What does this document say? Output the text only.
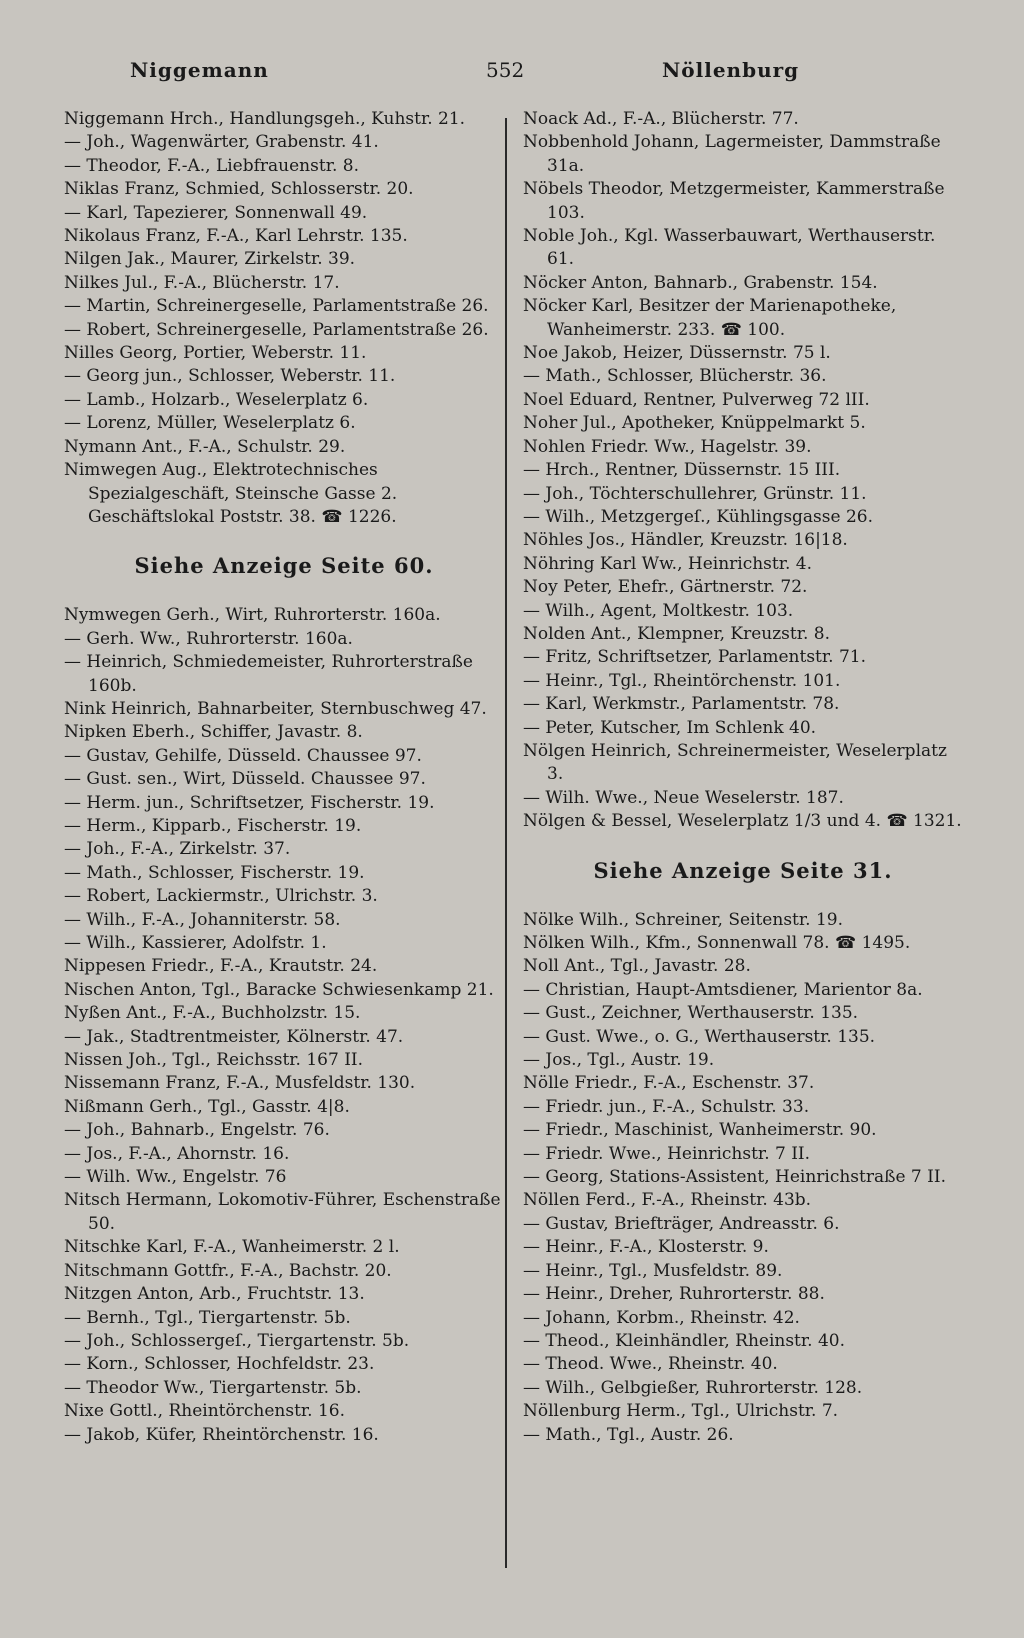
Niggemann	552	Nöllenburg

Niggemann Hrch., Handlungsgeh., Kuhstr. 21.

— Joh., Wagenwärter, Grabenstr. 41.

— Theodor, F.-A., Liebfrauenstr. 8.

Niklas Franz, Schmied, Schlosserstr. 20.

— Karl, Tapezierer, Sonnenwall 49.

Nikolaus Franz, F.-A., Karl Lehrstr. 135.

Nilgen Jak., Maurer, Zirkelstr. 39.

Nilkes Jul., F.-A., Blücherstr. 17.

— Martin, Schreinergeselle, Parlamentstraße 26.

— Robert, Schreinergeselle, Parlamentstraße 26.

Nilles Georg, Portier, Weberstr. 11.

— Georg jun., Schlosser, Weberstr. 11.

— Lamb., Holzarb., Weselerplatz 6.

— Lorenz, Müller, Weselerplatz 6.

Nymann Ant., F.-A., Schulstr. 29.

Nimwegen Aug., Elektrotechnisches Spezialgeschäft, Steinsche Gasse 2. Geschäftslokal Poststr. 38. ☎ 1226.

Siehe Anzeige Seite 60.

Nymwegen Gerh., Wirt, Ruhrorterstr. 160a.

— Gerh. Ww., Ruhrorterstr. 160a.

— Heinrich, Schmiedemeister, Ruhrorterstraße 160b.

Nink Heinrich, Bahnarbeiter, Sternbuschweg 47.

Nipken Eberh., Schiffer, Javastr. 8.

— Gustav, Gehilfe, Düsseld. Chaussee 97.

— Gust. sen., Wirt, Düsseld. Chaussee 97.

— Herm. jun., Schriftsetzer, Fischerstr. 19.

— Herm., Kipparb., Fischerstr. 19.

— Joh., F.-A., Zirkelstr. 37.

— Math., Schlosser, Fischerstr. 19.

— Robert, Lackiermstr., Ulrichstr. 3.

— Wilh., F.-A., Johanniterstr. 58.

— Wilh., Kassierer, Adolfstr. 1.

Nippesen Friedr., F.-A., Krautstr. 24.

Nischen Anton, Tgl., Baracke Schwiesenkamp 21.

Nyßen Ant., F.-A., Buchholzstr. 15.

— Jak., Stadtrentmeister, Kölnerstr. 47.

Nissen Joh., Tgl., Reichsstr. 167 II.

Nissemann Franz, F.-A., Musfeldstr. 130.

Nißmann Gerh., Tgl., Gasstr. 4|8.

— Joh., Bahnarb., Engelstr. 76.

— Jos., F.-A., Ahornstr. 16.

— Wilh. Ww., Engelstr. 76

Nitsch Hermann, Lokomotiv-Führer, Eschenstraße 50.

Nitschke Karl, F.-A., Wanheimerstr. 2 l.

Nitschmann Gottfr., F.-A., Bachstr. 20.

Nitzgen Anton, Arb., Fruchtstr. 13.

— Bernh., Tgl., Tiergartenstr. 5b.

— Joh., Schlossergeſ., Tiergartenstr. 5b.

— Korn., Schlosser, Hochfeldstr. 23.

— Theodor Ww., Tiergartenstr. 5b.

Nixe Gottl., Rheintörchenstr. 16.

— Jakob, Küfer, Rheintörchenstr. 16.

Noack Ad., F.-A., Blücherstr. 77.

Nobbenhold Johann, Lagermeister, Dammstraße 31a.

Nöbels Theodor, Metzgermeister, Kammerstraße 103.

Noble Joh., Kgl. Wasserbauwart, Werthauserstr. 61.

Nöcker Anton, Bahnarb., Grabenstr. 154.

Nöcker Karl, Besitzer der Marienapotheke, Wanheimerstr. 233. ☎ 100.

Noe Jakob, Heizer, Düssernstr. 75 l.

— Math., Schlosser, Blücherstr. 36.

Noel Eduard, Rentner, Pulverweg 72 lII.

Noher Jul., Apotheker, Knüppelmarkt 5.

Nohlen Friedr. Ww., Hagelstr. 39.

— Hrch., Rentner, Düssernstr. 15 III.

— Joh., Töchterschullehrer, Grünstr. 11.

— Wilh., Metzgergeſ., Kühlingsgasse 26.

Nöhles Jos., Händler, Kreuzstr. 16|18.

Nöhring Karl Ww., Heinrichstr. 4.

Noy Peter, Ehefr., Gärtnerstr. 72.

— Wilh., Agent, Moltkestr. 103.

Nolden Ant., Klempner, Kreuzstr. 8.

— Fritz, Schriftsetzer, Parlamentstr. 71.

— Heinr., Tgl., Rheintörchenstr. 101.

— Karl, Werkmstr., Parlamentstr. 78.

— Peter, Kutscher, Im Schlenk 40.

Nölgen Heinrich, Schreinermeister, Weselerplatz 3.

— Wilh. Wwe., Neue Weselerstr. 187.

Nölgen & Bessel, Weselerplatz 1/3 und 4. ☎ 1321.

Siehe Anzeige Seite 31.

Nölke Wilh., Schreiner, Seitenstr. 19.

Nölken Wilh., Kfm., Sonnenwall 78. ☎ 1495.

Noll Ant., Tgl., Javastr. 28.

— Christian, Haupt-Amtsdiener, Marientor 8a.

— Gust., Zeichner, Werthauserstr. 135.

— Gust. Wwe., o. G., Werthauserstr. 135.

— Jos., Tgl., Austr. 19.

Nölle Friedr., F.-A., Eschenstr. 37.

— Friedr. jun., F.-A., Schulstr. 33.

— Friedr., Maschinist, Wanheimerstr. 90.

— Friedr. Wwe., Heinrichstr. 7 II.

— Georg, Stations-Assistent, Heinrichstraße 7 II.

Nöllen Ferd., F.-A., Rheinstr. 43b.

— Gustav, Briefträger, Andreasstr. 6.

— Heinr., F.-A., Klosterstr. 9.

— Heinr., Tgl., Musfeldstr. 89.

— Heinr., Dreher, Ruhrorterstr. 88.

— Johann, Korbm., Rheinstr. 42.

— Theod., Kleinhändler, Rheinstr. 40.

— Theod. Wwe., Rheinstr. 40.

— Wilh., Gelbgießer, Ruhrorterstr. 128.

Nöllenburg Herm., Tgl., Ulrichstr. 7.

— Math., Tgl., Austr. 26.
